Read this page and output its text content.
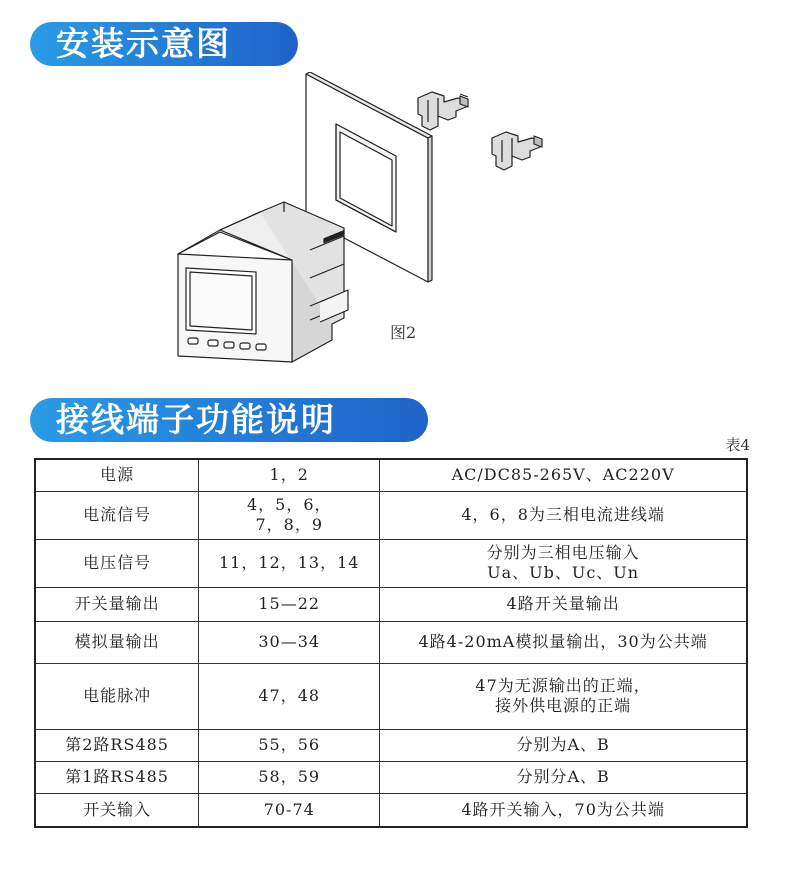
安装示意图
图2
接线端子功能说明
表4
电源	1，2	AC/DC85-265V、AC220V

电流信号	4，5，6，
7，8，9	4，6，8为三相电流进线端

电压信号	11，12，13，14	分别为三相电压输入
Ua、Ub、Uc、Un

开关量输出	15—22	4路开关量输出

模拟量输出	30—34	4路4-20mA模拟量输出，30为公共端

电能脉冲	47，48	47为无源输出的正端，
接外供电源的正端

第2路RS485	55，56	分别为A、B

第1路RS485	58，59	分别分A、B

开关输入	70-74	4路开关输入，70为公共端
